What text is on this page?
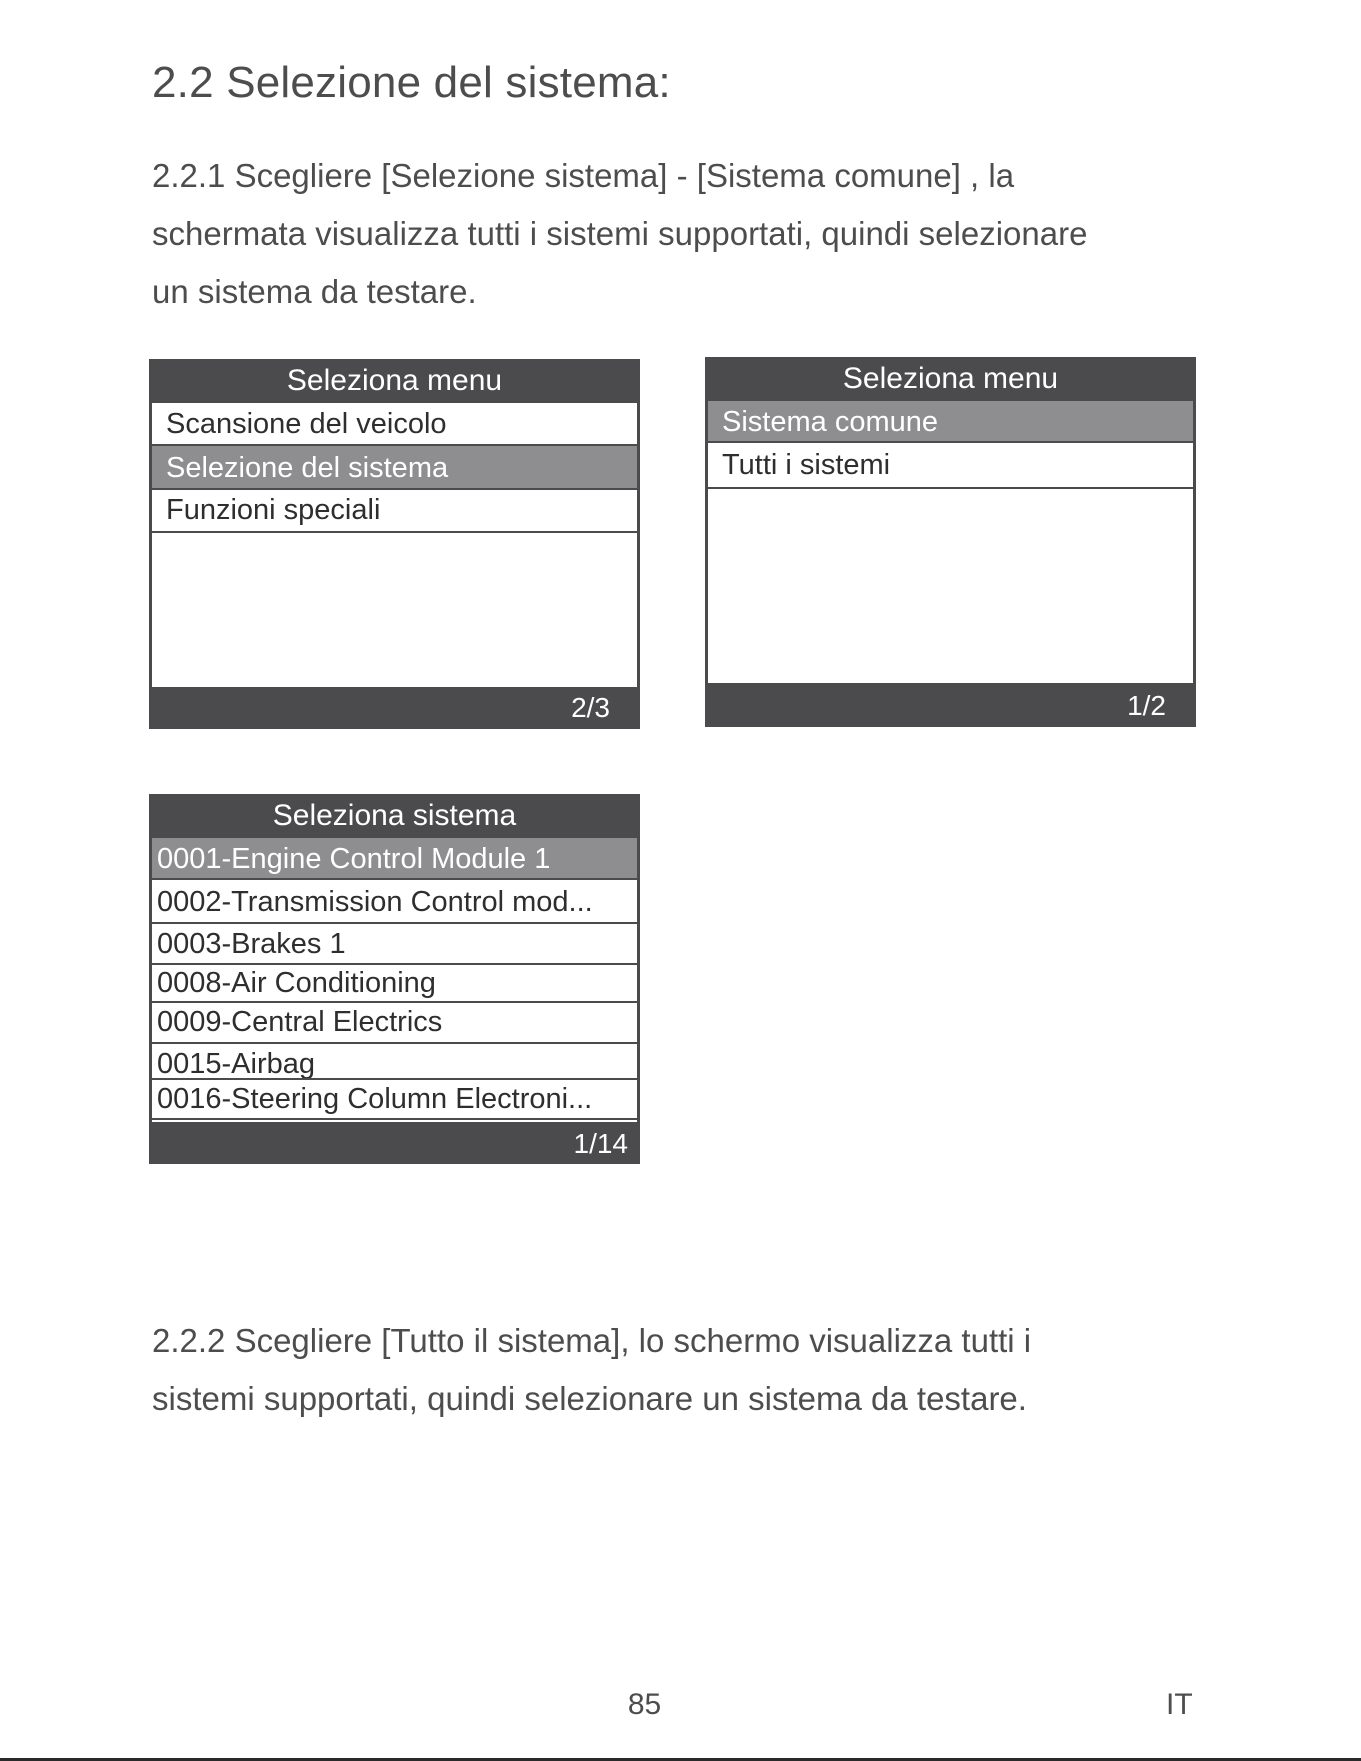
2.2 Selezione del sistema:
2.2.1 Scegliere [Selezione sistema] - [Sistema comune] , la
schermata visualizza tutti i sistemi supportati, quindi selezionare
un sistema da testare.
Seleziona menu
Scansione del veicolo
Selezione del sistema
Funzioni speciali
2/3
Seleziona menu
Sistema comune
Tutti i sistemi
1/2
Seleziona sistema
0001-Engine Control Module 1
0002-Transmission Control mod...
0003-Brakes 1
0008-Air Conditioning
0009-Central Electrics
0015-Airbag
0016-Steering Column Electroni...
1/14
2.2.2 Scegliere [Tutto il sistema], lo schermo visualizza tutti i
sistemi supportati, quindi selezionare un sistema da testare.
85	IT
